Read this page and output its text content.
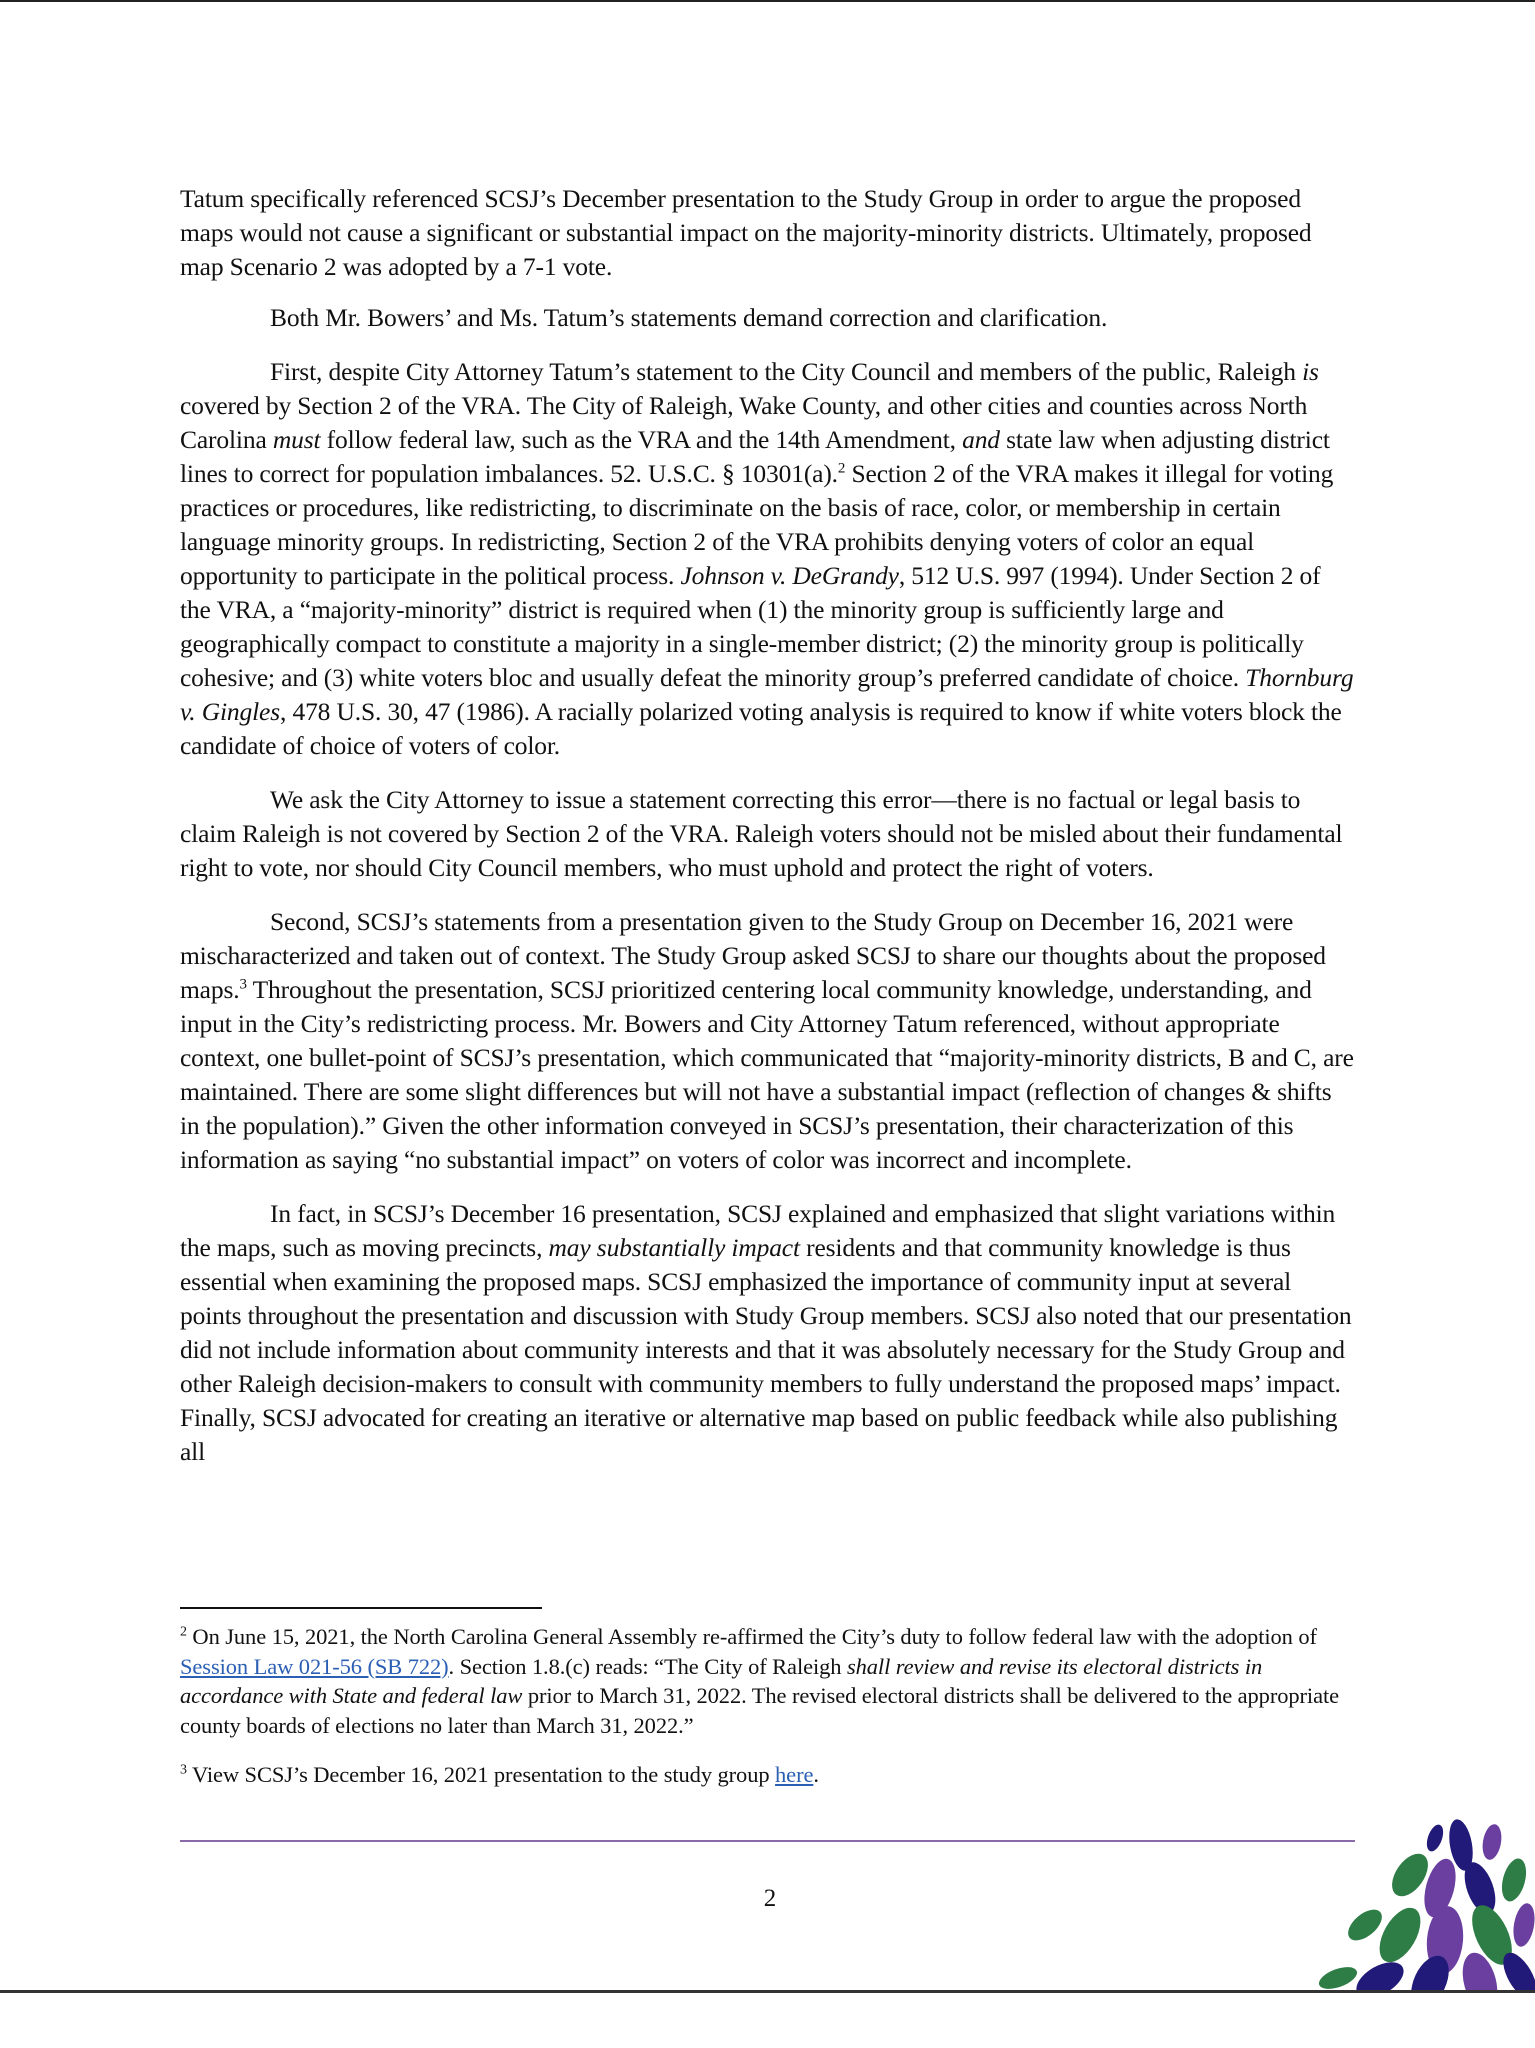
Tatum specifically referenced SCSJ’s December presentation to the Study Group in order to argue the proposed maps would not cause a significant or substantial impact on the majority-minority districts. Ultimately, proposed map Scenario 2 was adopted by a 7-1 vote.

Both Mr. Bowers’ and Ms. Tatum’s statements demand correction and clarification.

First, despite City Attorney Tatum’s statement to the City Council and members of the public, Raleigh is covered by Section 2 of the VRA. The City of Raleigh, Wake County, and other cities and counties across North Carolina must follow federal law, such as the VRA and the 14th Amendment, and state law when adjusting district lines to correct for population imbalances. 52. U.S.C. § 10301(a).$^2$ Section 2 of the VRA makes it illegal for voting practices or procedures, like redistricting, to discriminate on the basis of race, color, or membership in certain language minority groups. In redistricting, Section 2 of the VRA prohibits denying voters of color an equal opportunity to participate in the political process. Johnson v. DeGrandy, 512 U.S. 997 (1994). Under Section 2 of the VRA, a “majority-minority” district is required when (1) the minority group is sufficiently large and geographically compact to constitute a majority in a single-member district; (2) the minority group is politically cohesive; and (3) white voters bloc and usually defeat the minority group’s preferred candidate of choice. Thornburg v. Gingles, 478 U.S. 30, 47 (1986). A racially polarized voting analysis is required to know if white voters block the candidate of choice of voters of color.

We ask the City Attorney to issue a statement correcting this error—there is no factual or legal basis to claim Raleigh is not covered by Section 2 of the VRA. Raleigh voters should not be misled about their fundamental right to vote, nor should City Council members, who must uphold and protect the right of voters.

Second, SCSJ’s statements from a presentation given to the Study Group on December 16, 2021 were mischaracterized and taken out of context. The Study Group asked SCSJ to share our thoughts about the proposed maps.$^3$ Throughout the presentation, SCSJ prioritized centering local community knowledge, understanding, and input in the City’s redistricting process. Mr. Bowers and City Attorney Tatum referenced, without appropriate context, one bullet-point of SCSJ’s presentation, which communicated that “majority-minority districts, B and C, are maintained. There are some slight differences but will not have a substantial impact (reflection of changes & shifts in the population).” Given the other information conveyed in SCSJ’s presentation, their characterization of this information as saying “no substantial impact” on voters of color was incorrect and incomplete.

In fact, in SCSJ’s December 16 presentation, SCSJ explained and emphasized that slight variations within the maps, such as moving precincts, may substantially impact residents and that community knowledge is thus essential when examining the proposed maps. SCSJ emphasized the importance of community input at several points throughout the presentation and discussion with Study Group members. SCSJ also noted that our presentation did not include information about community interests and that it was absolutely necessary for the Study Group and other Raleigh decision-makers to consult with community members to fully understand the proposed maps’ impact. Finally, SCSJ advocated for creating an iterative or alternative map based on public feedback while also publishing all

$^2$ On June 15, 2021, the North Carolina General Assembly re-affirmed the City’s duty to follow federal law with the adoption of Session Law 021-56 (SB 722). Section 1.8.(c) reads: “The City of Raleigh shall review and revise its electoral districts in accordance with State and federal law prior to March 31, 2022. The revised electoral districts shall be delivered to the appropriate county boards of elections no later than March 31, 2022.”

$^3$ View SCSJ’s December 16, 2021 presentation to the study group here.

2
